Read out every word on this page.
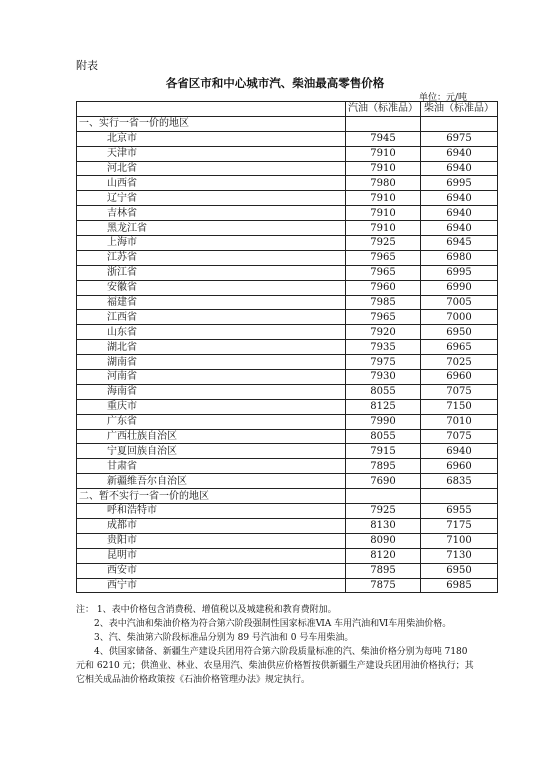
附表
各省区市和中心城市汽、柴油最高零售价格
单位：元/吨
	汽油（标准品）	柴油（标准品）
一、实行一省一价的地区		
北京市	7945	6975
天津市	7910	6940
河北省	7910	6940
山西省	7980	6995
辽宁省	7910	6940
吉林省	7910	6940
黑龙江省	7910	6940
上海市	7925	6945
江苏省	7965	6980
浙江省	7965	6995
安徽省	7960	6990
福建省	7985	7005
江西省	7965	7000
山东省	7920	6950
湖北省	7935	6965
湖南省	7975	7025
河南省	7930	6960
海南省	8055	7075
重庆市	8125	7150
广东省	7990	7010
广西壮族自治区	8055	7075
宁夏回族自治区	7915	6940
甘肃省	7895	6960
新疆维吾尔自治区	7690	6835
二、暂不实行一省一价的地区		
呼和浩特市	7925	6955
成都市	8130	7175
贵阳市	8090	7100
昆明市	8120	7130
西安市	7895	6950
西宁市	7875	6985

注： 1、表中价格包含消费税、增值税以及城建税和教育费附加。

2、表中汽油和柴油价格为符合第六阶段强制性国家标准ⅥA 车用汽油和Ⅵ车用柴油价格。

3、汽、柴油第六阶段标准品分别为 89 号汽油和 0 号车用柴油。

4、供国家储备、新疆生产建设兵团用符合第六阶段质量标准的汽、柴油价格分别为每吨 7180 元和 6210 元；供渔业、林业、农垦用汽、柴油供应价格暂按供新疆生产建设兵团用油价格执行；其它相关成品油价格政策按《石油价格管理办法》规定执行。
